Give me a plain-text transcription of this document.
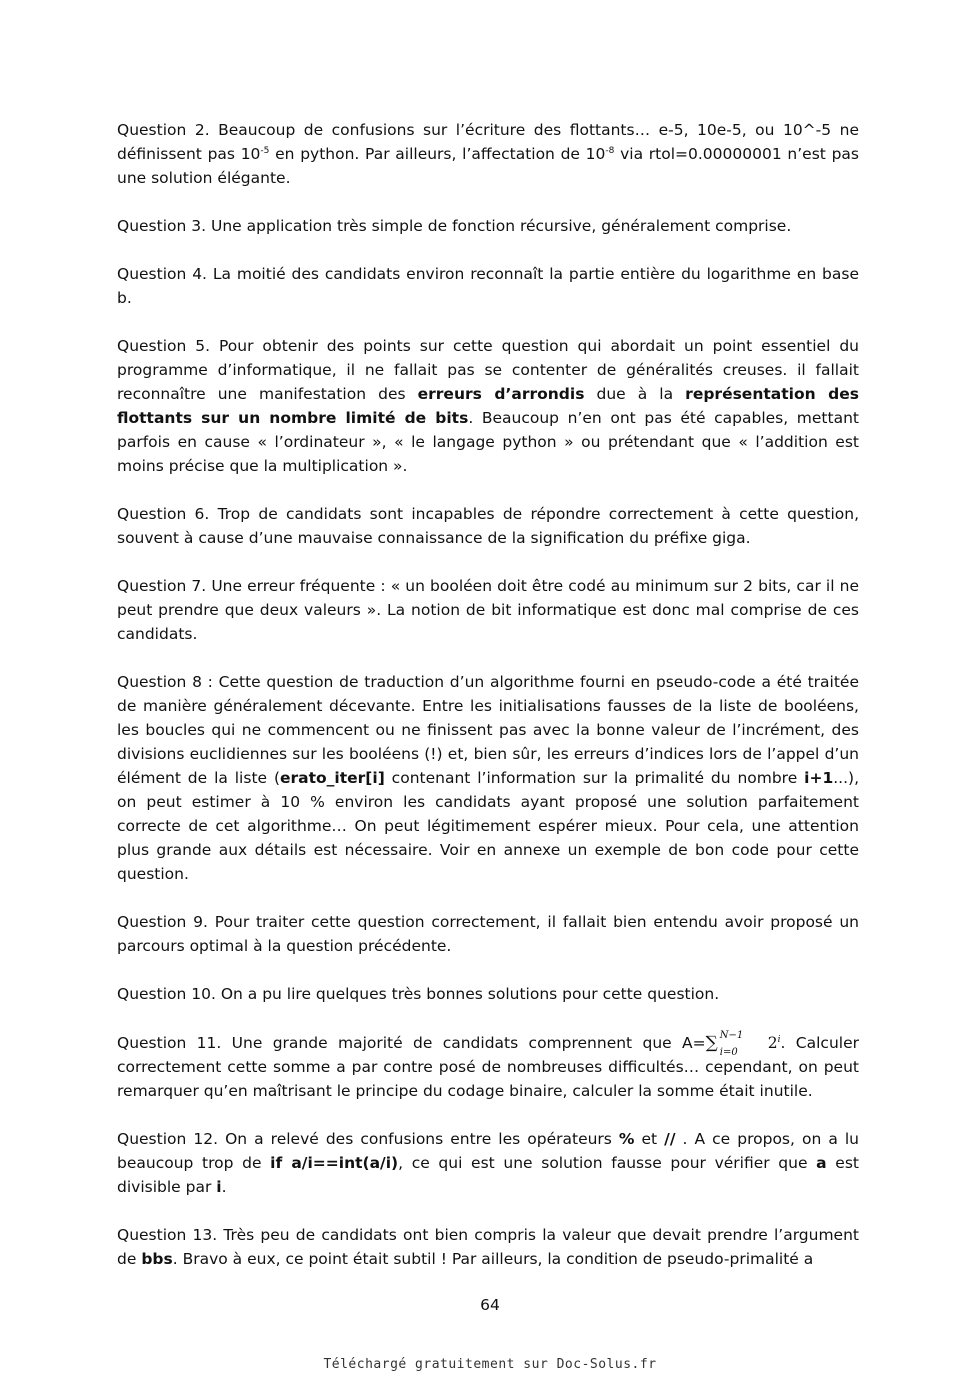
Question 2. Beaucoup de confusions sur l’écriture des flottants… e-5, 10e-5, ou 10^-5 ne définissent pas $10^{-5}$ en python. Par ailleurs, l’affectation de $10^{-8}$ via rtol=0.00000001 n’est pas une solution élégante.

Question 3. Une application très simple de fonction récursive, généralement comprise.

Question 4. La moitié des candidats environ reconnaît la partie entière du logarithme en base b.

Question 5. Pour obtenir des points sur cette question qui abordait un point essentiel du programme d’informatique, il ne fallait pas se contenter de généralités creuses. il fallait reconnaître une manifestation des erreurs d’arrondis due à la représentation des flottants sur un nombre limité de bits. Beaucoup n’en ont pas été capables, mettant parfois en cause « l’ordinateur », « le langage python » ou prétendant que « l’addition est moins précise que la multiplication ».

Question 6. Trop de candidats sont incapables de répondre correctement à cette question, souvent à cause d’une mauvaise connaissance de la signification du préfixe giga.

Question 7. Une erreur fréquente : « un booléen doit être codé au minimum sur 2 bits, car il ne peut prendre que deux valeurs ». La notion de bit informatique est donc mal comprise de ces candidats.

Question 8 : Cette question de traduction d’un algorithme fourni en pseudo-code a été traitée de manière généralement décevante. Entre les initialisations fausses de la liste de booléens, les boucles qui ne commencent ou ne finissent pas avec la bonne valeur de l’incrément, des divisions euclidiennes sur les booléens (!) et, bien sûr, les erreurs d’indices lors de l’appel d’un élément de la liste (erato_iter[i] contenant l’information sur la primalité du nombre i+1...), on peut estimer à 10 % environ les candidats ayant proposé une solution parfaitement correcte de cet algorithme… On peut légitimement espérer mieux. Pour cela, une attention plus grande aux détails est nécessaire. Voir en annexe un exemple de bon code pour cette question.

Question 9. Pour traiter cette question correctement, il fallait bien entendu avoir proposé un parcours optimal à la question précédente.

Question 10. On a pu lire quelques très bonnes solutions pour cette question.

Question 11. Une grande majorité de candidats comprennent que A=∑ N−1
i=0
2$^i$. Calculer correctement cette somme a par contre posé de nombreuses difficultés… cependant, on peut remarquer qu’en maîtrisant le principe du codage binaire, calculer la somme était inutile.

Question 12. On a relevé des confusions entre les opérateurs % et // . A ce propos, on a lu beaucoup trop de if a/i==int(a/i), ce qui est une solution fausse pour vérifier que a est divisible par i.

Question 13. Très peu de candidats ont bien compris la valeur que devait prendre l’argument de bbs. Bravo à eux, ce point était subtil ! Par ailleurs, la condition de pseudo-primalité a

64
Téléchargé gratuitement sur Doc-Solus.fr
